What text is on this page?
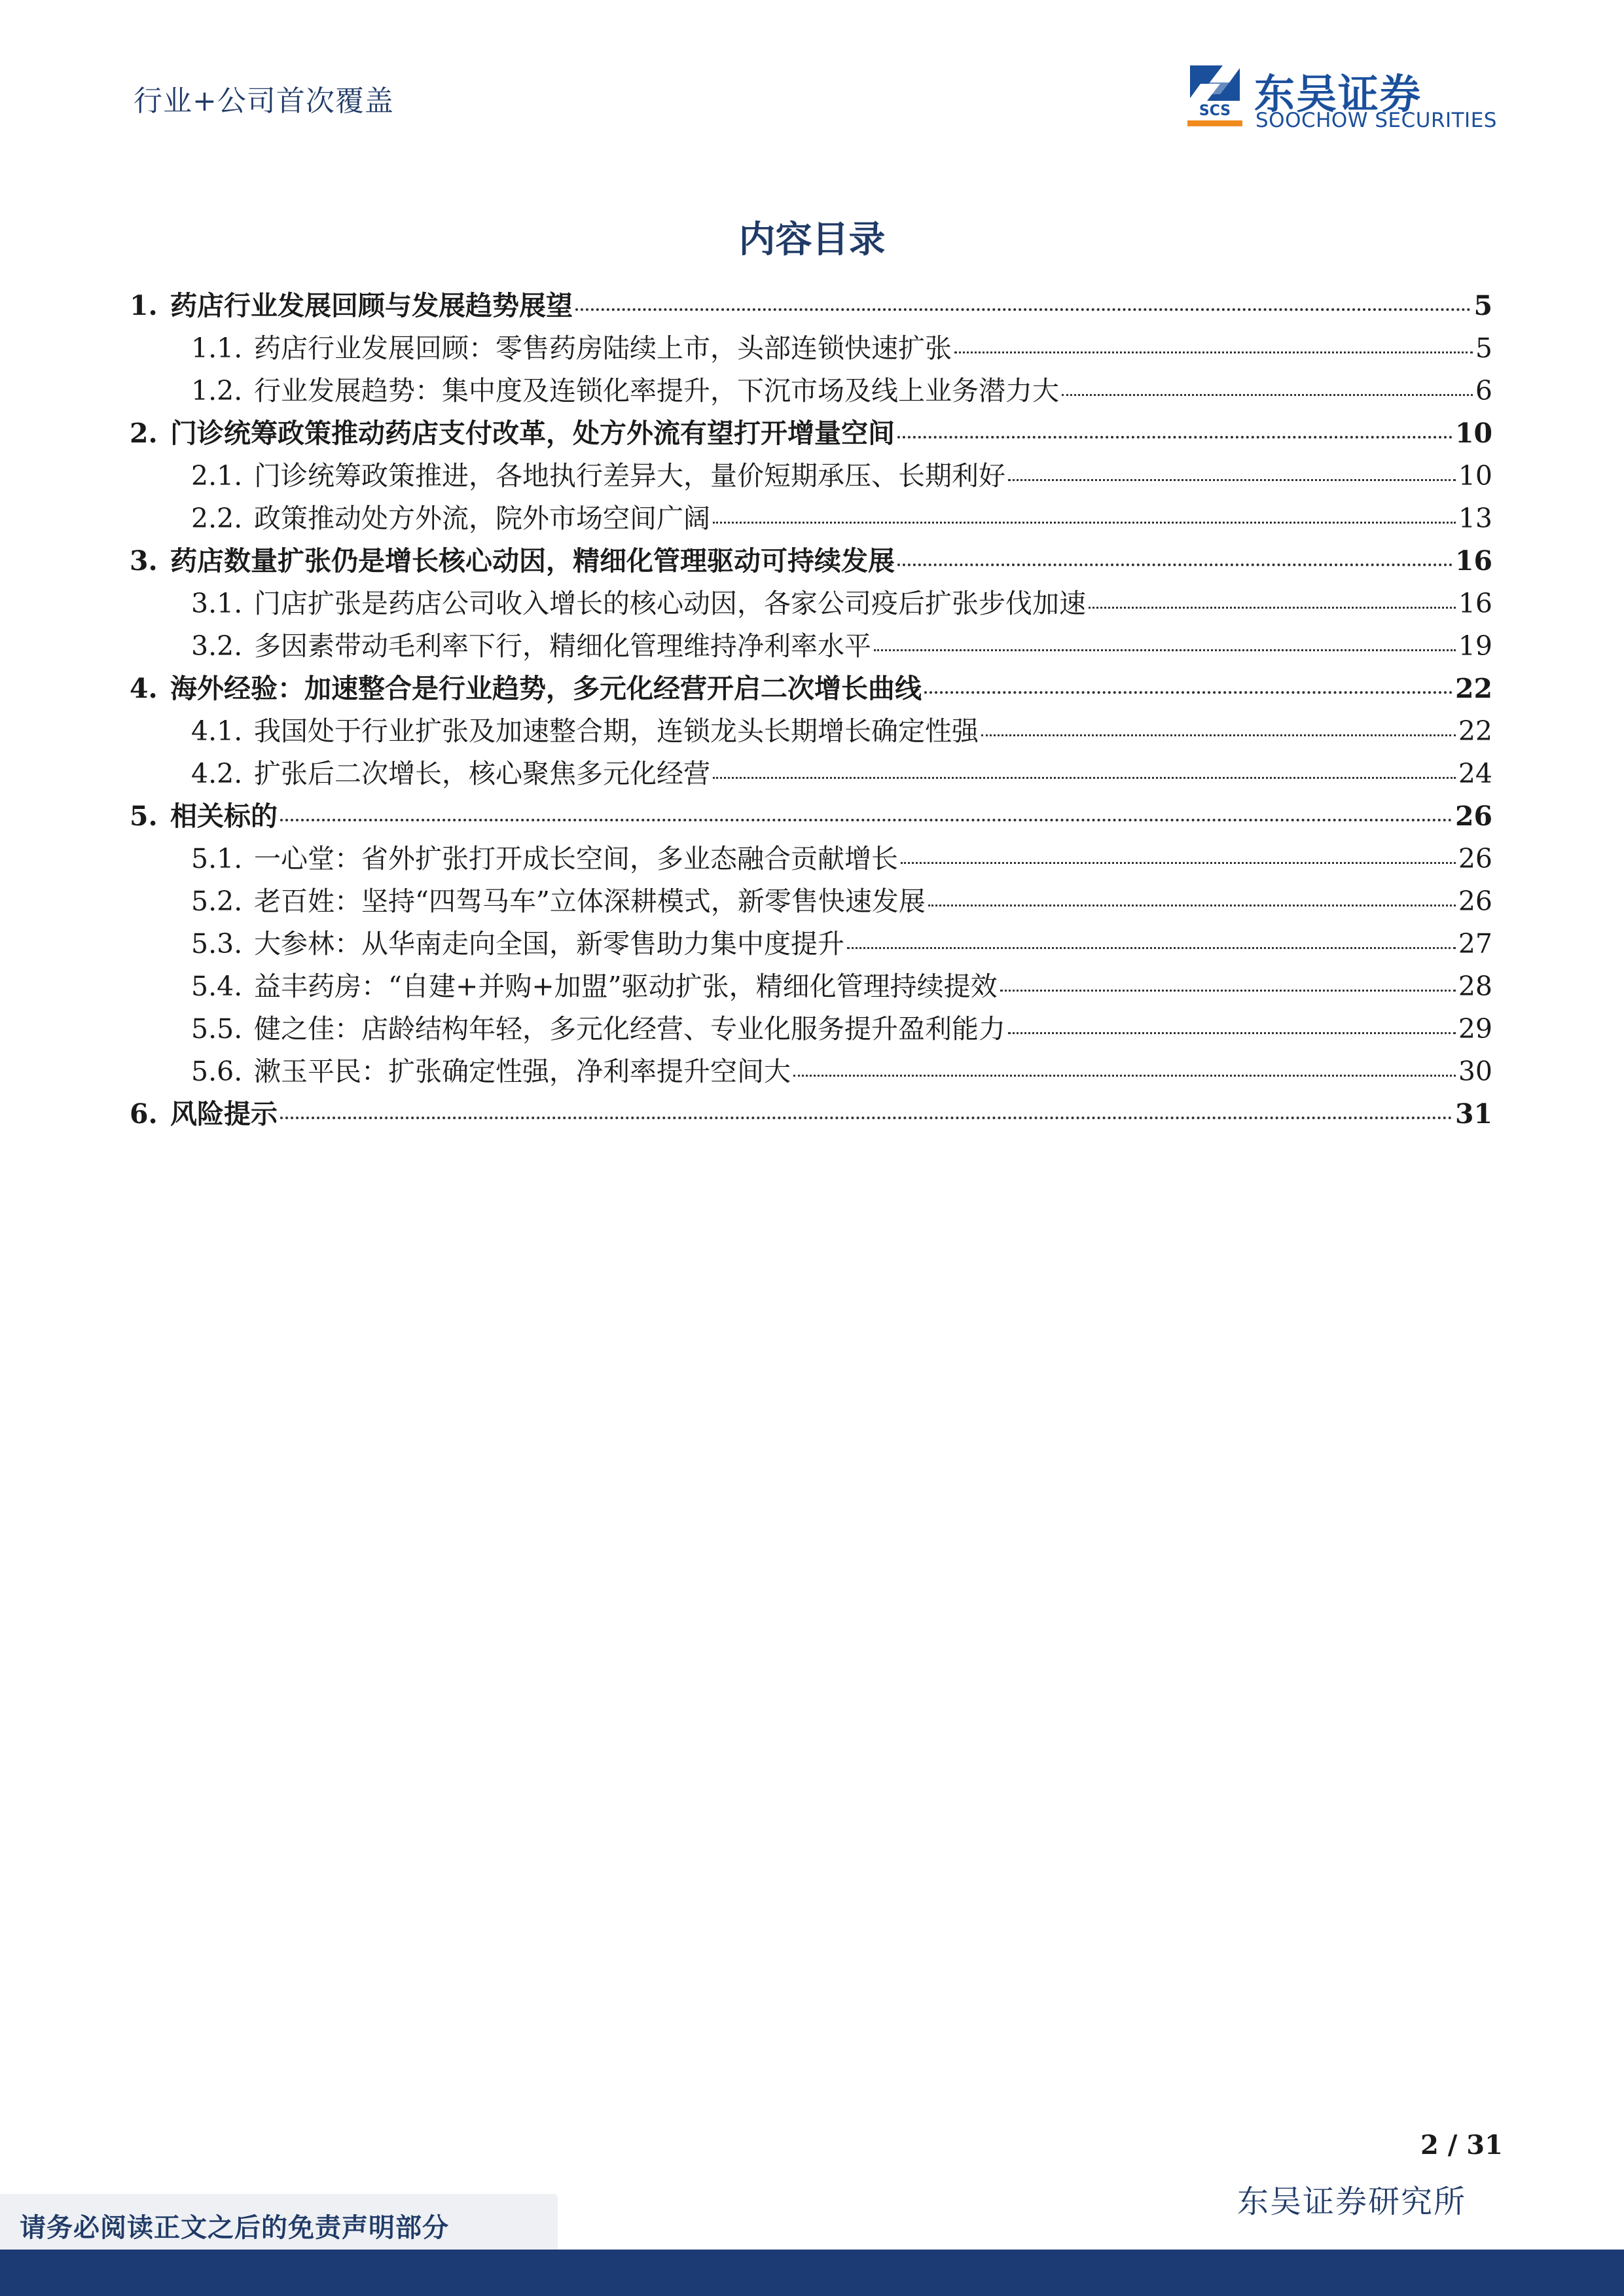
行业+公司首次覆盖	SCS 东吴证券
SOOCHOW SECURITIES
内容目录
1. 药店行业发展回顾与发展趋势展望	5
1.1. 药店行业发展回顾：零售药房陆续上市，头部连锁快速扩张	5
1.2. 行业发展趋势：集中度及连锁化率提升，下沉市场及线上业务潜力大	6
2. 门诊统筹政策推动药店支付改革，处方外流有望打开增量空间	10
2.1. 门诊统筹政策推进，各地执行差异大，量价短期承压、长期利好	10
2.2. 政策推动处方外流，院外市场空间广阔	13
3. 药店数量扩张仍是增长核心动因，精细化管理驱动可持续发展	16
3.1. 门店扩张是药店公司收入增长的核心动因，各家公司疫后扩张步伐加速	16
3.2. 多因素带动毛利率下行，精细化管理维持净利率水平	19
4. 海外经验：加速整合是行业趋势，多元化经营开启二次增长曲线	22
4.1. 我国处于行业扩张及加速整合期，连锁龙头长期增长确定性强	22
4.2. 扩张后二次增长，核心聚焦多元化经营	24
5. 相关标的	26
5.1. 一心堂：省外扩张打开成长空间，多业态融合贡献增长	26
5.2. 老百姓：坚持“四驾马车”立体深耕模式，新零售快速发展	26
5.3. 大参林：从华南走向全国，新零售助力集中度提升	27
5.4. 益丰药房：“自建+并购+加盟”驱动扩张，精细化管理持续提效	28
5.5. 健之佳：店龄结构年轻，多元化经营、专业化服务提升盈利能力	29
5.6. 漱玉平民：扩张确定性强，净利率提升空间大	30
6. 风险提示	31
2 / 31
东吴证券研究所
请务必阅读正文之后的免责声明部分
